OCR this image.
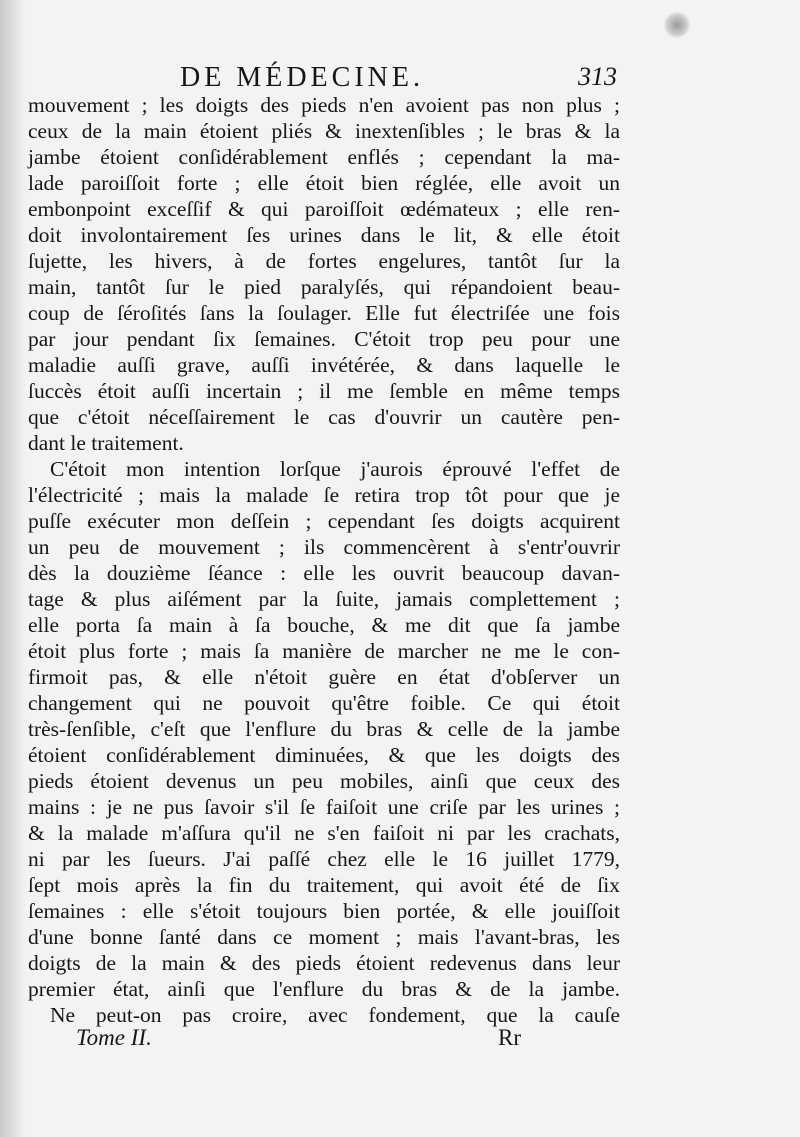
DE MÉDECINE.	313
mouvement ; les doigts des pieds n'en avoient pas non plus ;
ceux de la main étoient pliés & inextenſibles ; le bras & la
jambe étoient conſidérablement enflés ; cependant la ma-
lade paroiſſoit forte ; elle étoit bien réglée, elle avoit un
embonpoint exceſſif & qui paroiſſoit œdémateux ; elle ren-
doit involontairement ſes urines dans le lit, & elle étoit
ſujette, les hivers, à de fortes engelures, tantôt ſur la
main, tantôt ſur le pied paralyſés, qui répandoient beau-
coup de ſéroſités ſans la ſoulager. Elle fut électriſée une fois
par jour pendant ſix ſemaines. C'étoit trop peu pour une
maladie auſſi grave, auſſi invétérée, & dans laquelle le
ſuccès étoit auſſi incertain ; il me ſemble en même temps
que c'étoit néceſſairement le cas d'ouvrir un cautère pen-
dant le traitement.
C'étoit mon intention lorſque j'aurois éprouvé l'effet de
l'électricité ; mais la malade ſe retira trop tôt pour que je
puſſe exécuter mon deſſein ; cependant ſes doigts acquirent
un peu de mouvement ; ils commencèrent à s'entr'ouvrir
dès la douzième ſéance : elle les ouvrit beaucoup davan-
tage & plus aiſément par la ſuite, jamais complettement ;
elle porta ſa main à ſa bouche, & me dit que ſa jambe
étoit plus forte ; mais ſa manière de marcher ne me le con-
firmoit pas, & elle n'étoit guère en état d'obſerver un
changement qui ne pouvoit qu'être foible. Ce qui étoit
très-ſenſible, c'eſt que l'enflure du bras & celle de la jambe
étoient conſidérablement diminuées, & que les doigts des
pieds étoient devenus un peu mobiles, ainſi que ceux des
mains : je ne pus ſavoir s'il ſe faiſoit une criſe par les urines ;
& la malade m'aſſura qu'il ne s'en faiſoit ni par les crachats,
ni par les ſueurs. J'ai paſſé chez elle le 16 juillet 1779,
ſept mois après la fin du traitement, qui avoit été de ſix
ſemaines : elle s'étoit toujours bien portée, & elle jouiſſoit
d'une bonne ſanté dans ce moment ; mais l'avant-bras, les
doigts de la main & des pieds étoient redevenus dans leur
premier état, ainſi que l'enflure du bras & de la jambe.
Ne peut-on pas croire, avec fondement, que la cauſe
Tome II.	Rr
